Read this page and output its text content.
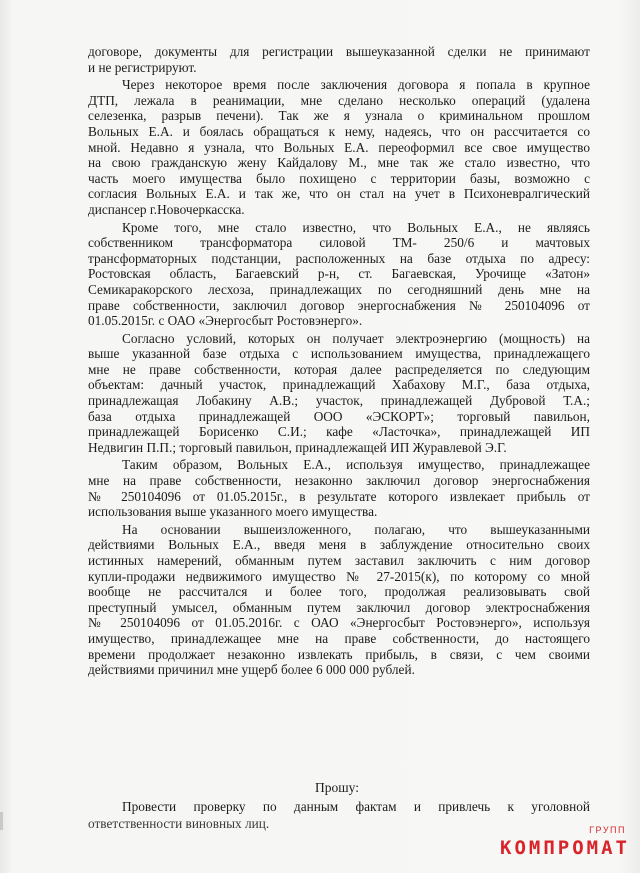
договоре, документы для регистрации вышеуказанной сделки не принимают
и не регистрируют.
Через некоторое время после заключения договора я попала в крупное
ДТП, лежала в реанимации, мне сделано несколько операций (удалена
селезенка, разрыв печени). Так же я узнала о криминальном прошлом
Вольных Е.А. и боялась обращаться к нему, надеясь, что он рассчитается со
мной. Недавно я узнала, что Вольных Е.А. переоформил все свое имущество
на свою гражданскую жену Кайдалову М., мне так же стало известно, что
часть моего имущества было похищено с территории базы, возможно с
согласия Вольных Е.А. и так же, что он стал на учет в Психоневралгический
диспансер г.Новочеркасска.
Кроме того, мне стало известно, что Вольных Е.А., не являясь
собственником трансформатора силовой ТМ- 250/6 и мачтовых
трансформаторных подстанции, расположенных на базе отдыха по адресу:
Ростовская область, Багаевский р-н, ст. Багаевская, Урочище «Затон»
Семикаракорского лесхоза, принадлежащих по сегодняшний день мне на
праве собственности, заключил договор энергоснабжения № 250104096 от
01.05.2015г. с ОАО «Энергосбыт Ростовэнерго».
Согласно условий, которых он получает электроэнергию (мощность) на
выше указанной базе отдыха с использованием имущества, принадлежащего
мне не праве собственности, которая далее распределяется по следующим
объектам: дачный участок, принадлежащий Хабахову М.Г., база отдыха,
принадлежащая Лобакину А.В.; участок, принадлежащей Дубровой Т.А.;
база отдыха принадлежащей ООО «ЭСКОРТ»; торговый павильон,
принадлежащей Борисенко С.И.; кафе «Ласточка», принадлежащей ИП
Недвигин П.П.; торговый павильон, принадлежащей ИП Журавлевой Э.Г.
Таким образом, Вольных Е.А., используя имущество, принадлежащее
мне на праве собственности, незаконно заключил договор энергоснабжения
№ 250104096 от 01.05.2015г., в результате которого извлекает прибыль от
использования выше указанного моего имущества.
На основании вышеизложенного, полагаю, что вышеуказанными
действиями Вольных Е.А., введя меня в заблуждение относительно своих
истинных намерений, обманным путем заставил заключить с ним договор
купли-продажи недвижимого имущество № 27-2015(к), по которому со мной
вообще не рассчитался и более того, продолжая реализовывать свой
преступный умысел, обманным путем заключил договор электроснабжения
№ 250104096 от 01.05.2016г. с ОАО «Энергосбыт Ростовэнерго», используя
имущество, принадлежащее мне на праве собственности, до настоящего
времени продолжает незаконно извлекать прибыль, в связи, с чем своими
действиями причинил мне ущерб более 6 000 000 рублей.
Прошу:
Провести проверку по данным фактам и привлечь к уголовной
ответственности виновных лиц.	ГРУПП
КОМПРОМАТ
